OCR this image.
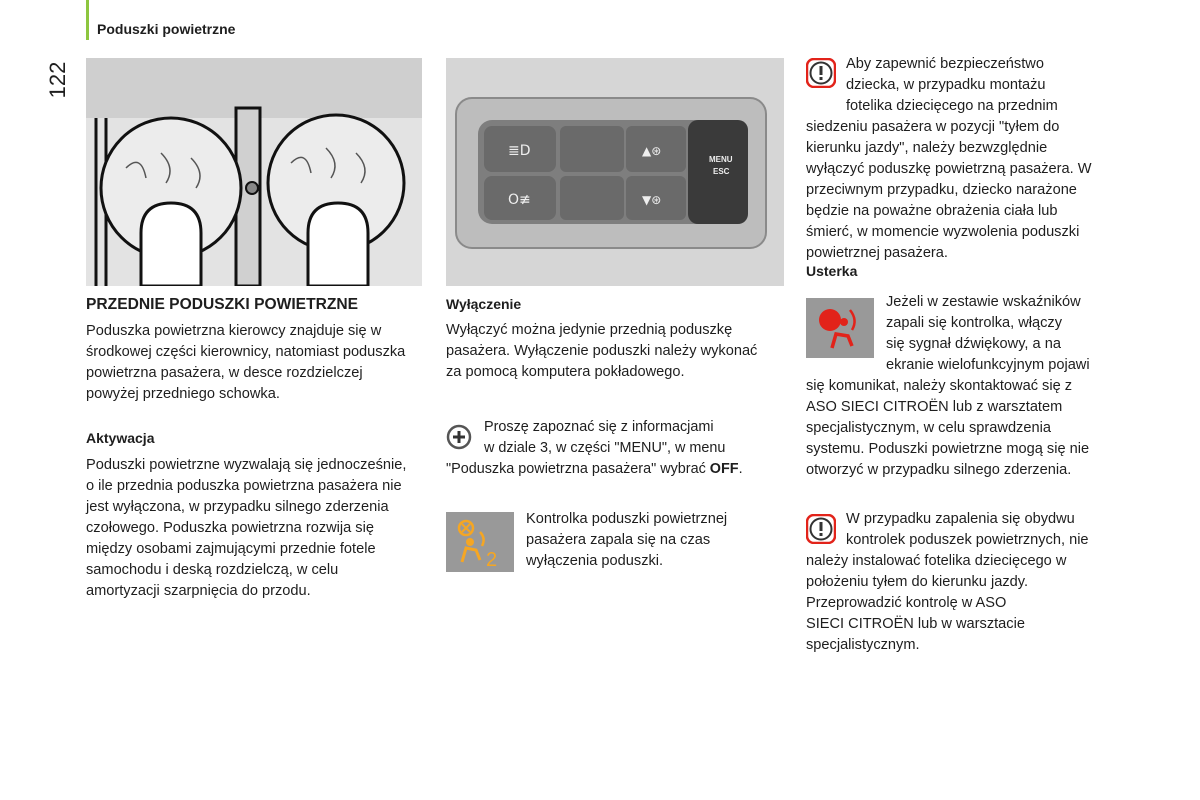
Poduszki powietrzne
122
PRZEDNIE PODUSZKI POWIETRZNE

Poduszka powietrzna kierowcy znajduje się w środkowej części kierownicy, natomiast poduszka powietrzna pasażera, w desce rozdzielczej powyżej przedniego schowka.

Aktywacja

Poduszki powietrzne wyzwalają się jednocześnie, o ile przednia poduszka powietrzna pasażera nie jest wyłączona, w przypadku silnego zderzenia czołowego. Poduszka powietrzna rozwija się między osobami zajmującymi przednie fotele samochodu i deską rozdzielczą, w celu amortyzacji szarpnięcia do przodu.

≣D
O≢
▲⊛
▼⊛
MENU
ESC
Wyłączenie

Wyłączyć można jedynie przednią poduszkę pasażera. Wyłączenie poduszki należy wykonać za pomocą komputera pokładowego.

Proszę zapoznać się z informacjami
w dziale 3, w części "MENU", w menu
"Poduszka powietrzna pasażera" wybrać OFF.
2
Kontrolka poduszki powietrznej
pasażera zapala się na czas
wyłączenia poduszki.
Aby zapewnić bezpieczeństwo
dziecka, w przypadku montażu
fotelika dziecięcego na przednim
siedzeniu pasażera w pozycji "tyłem do
kierunku jazdy", należy bezwzględnie
wyłączyć poduszkę powietrzną pasażera. W
przeciwnym przypadku, dziecko narażone
będzie na poważne obrażenia ciała lub
śmierć, w momencie wyzwolenia poduszki
powietrznej pasażera.
Usterka
Jeżeli w zestawie wskaźników
zapali się kontrolka, włączy
się sygnał dźwiękowy, a na
ekranie wielofunkcyjnym pojawi
się komunikat, należy skontaktować się z
ASO SIECI CITROËN lub z warsztatem
specjalistycznym, w celu sprawdzenia
systemu. Poduszki powietrzne mogą się nie
otworzyć w przypadku silnego zderzenia.
W przypadku zapalenia się obydwu
kontrolek poduszek powietrznych, nie
należy instalować fotelika dziecięcego w
położeniu tyłem do kierunku jazdy.
Przeprowadzić kontrolę w ASO
SIECI CITROËN lub w warsztacie
specjalistycznym.
